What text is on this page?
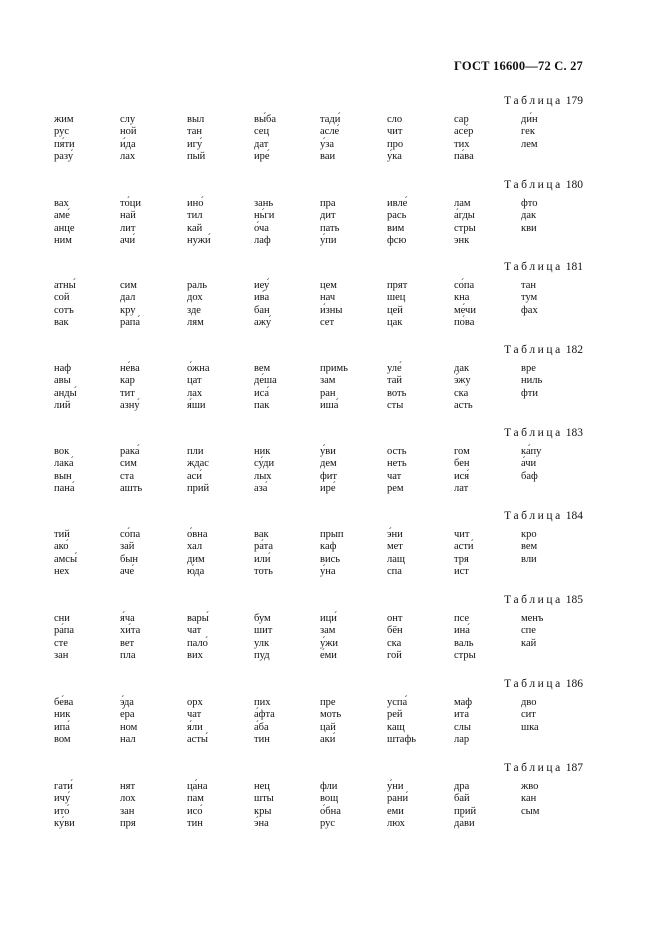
ГОСТ 16600—72 С. 27
Таблица 179
жим
рус
пя́ти
разу́
слу
ной
и́да
лах
выл
тан
игу́
пый
вы́ба
сец
дат
ире́
тади́
асле́
у́за
ваи
сло
чит
про
у́ка
сар
асе́р
тих
па́ва
ди́н
гек
лем
Таблица 180
вах
аме́
анце
ним
то́ци
най
лит
ачи́
ино́
тил
кай
нужи́
зань
нь́ги
о́ча
лаф
пра
дит
пать
у́пи
ивле́
рась
вим
фсю
лам
а́гды
стры
энк
фто
дак
кви
Таблица 181
атны́
сой
сотъ
вак
сим
дал
кру
рапа́
раль
дох
зде
лям
иеу́
ив́а
бан
ажу́
цем
нач
и́зны
сет
прят
шец
цей
цак
со́па
кна
ме́чи
по́ва
тан
тум
фах
Таблица 182
наф
авы
анды́
лий
не́ва
кар
тит
азну́
о́жна
цат
лах
я́ши
вем
де́ша
иса́
пак
примь
зам
ран
иша́
уле́
тай
воть
сты
дак
э́жу
ска
асть
вре
ниль
фти
Таблица 183
вок
лака́
вын
пана́
рака́
сим
ста
ашть
пли
ждас
аси́
прий
ник
су́ди
лых
аза́
у́ви
дем
фит
ире́
ость
неть
чат
рем
гом
бен
ися́
лат
ка́пу
а́чи
баф
Таблица 184
тий
ако́
амсы́
нех
со́па
зай
бын
аче́
о́вна
хал
дим
ю́да
вак
ра́та
или́
тоть
прып
каф
вись
у́на
э́ни
мет
лащ
спа
чит
асти́
тря
ист
кро
вем
вли
Таблица 185
сни
ра́па
сте
зан
я́ча
хи́та
вет
пла
вары́
чат
пало́
вих
бум
шит
улк
пуд
ици́
зам
у́жи
е́ми
онт
бён
ска
гой
псе
ина́
валь
стры
менъ
спе
кай
Таблица 186
бе́ва
ник
ипа́
вом
э́да
е́ра
ном
нал
орх
чат
я́ли
асты́
пих
а́фта
а́ба
тин
пре
моть
цай
аки́
успа́
рей
кащ
штафь
маф
ита́
слы
лар
дво
сит
шка
Таблица 187
гати́
ичу́
ито́
ку́ви
нят
лох
зан
пря
ца́на
пам
исо́
тин
нец
шты
кры
э́на
фли
вощ
о́бна
рус
у́ни
рани́
еми
люх
дра
бай
прий
да́ви
жво
кан
сым
